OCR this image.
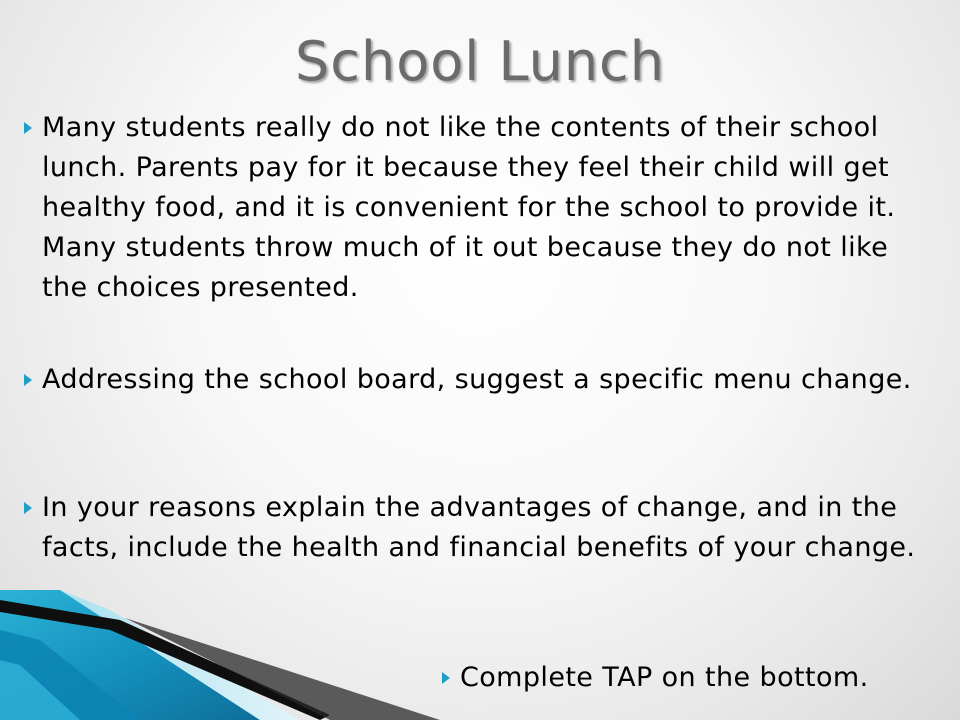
School Lunch
Many students really do not like the contents of their school lunch. Parents pay for it because they feel their child will get healthy food, and it is convenient for the school to provide it. Many students throw much of it out because they do not like the choices presented.
Addressing the school board, suggest a specific menu change.
In your reasons explain the advantages of change, and in the facts, include the health and financial benefits of your change.
Complete TAP on the bottom.
